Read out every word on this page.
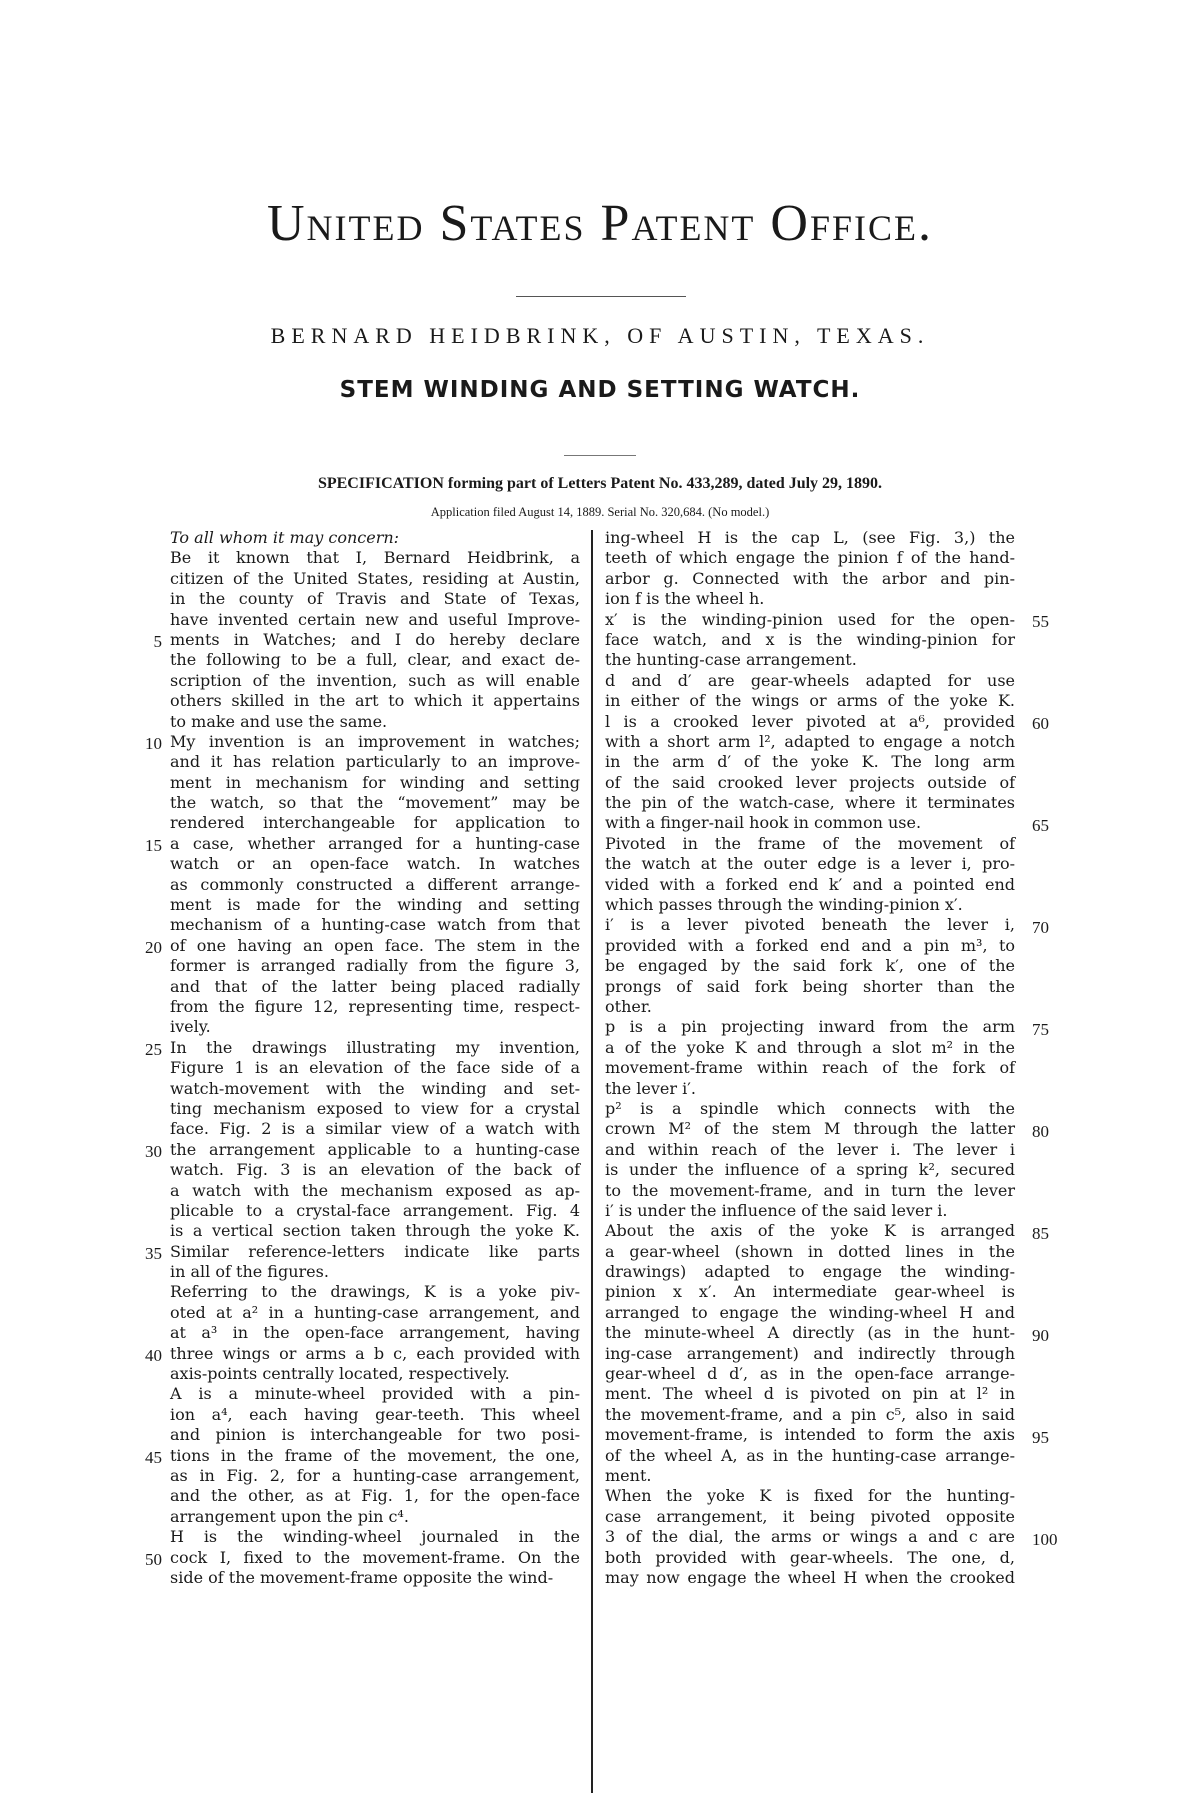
United States Patent Office.
BERNARD HEIDBRINK, OF AUSTIN, TEXAS.
STEM WINDING AND SETTING WATCH.
SPECIFICATION forming part of Letters Patent No. 433,289, dated July 29, 1890.
Application filed August 14, 1889. Serial No. 320,684. (No model.)
To all whom it may concern:
Be it known that I, Bernard Heidbrink, a
citizen of the United States, residing at Austin,
in the county of Travis and State of Texas,
have invented certain new and useful Improve-
ments in Watches; and I do hereby declare
the following to be a full, clear, and exact de-
scription of the invention, such as will enable
others skilled in the art to which it appertains
to make and use the same.
My invention is an improvement in watches;
and it has relation particularly to an improve-
ment in mechanism for winding and setting
the watch, so that the “movement” may be
rendered interchangeable for application to
a case, whether arranged for a hunting-case
watch or an open-face watch. In watches
as commonly constructed a different arrange-
ment is made for the winding and setting
mechanism of a hunting-case watch from that
of one having an open face. The stem in the
former is arranged radially from the figure 3,
and that of the latter being placed radially
from the figure 12, representing time, respect-
ively.
In the drawings illustrating my invention,
Figure 1 is an elevation of the face side of a
watch-movement with the winding and set-
ting mechanism exposed to view for a crystal
face. Fig. 2 is a similar view of a watch with
the arrangement applicable to a hunting-case
watch. Fig. 3 is an elevation of the back of
a watch with the mechanism exposed as ap-
plicable to a crystal-face arrangement. Fig. 4
is a vertical section taken through the yoke K.
Similar reference-letters indicate like parts
in all of the figures.
Referring to the drawings, K is a yoke piv-
oted at a² in a hunting-case arrangement, and
at a³ in the open-face arrangement, having
three wings or arms a b c, each provided with
axis-points centrally located, respectively.
A is a minute-wheel provided with a pin-
ion a⁴, each having gear-teeth. This wheel
and pinion is interchangeable for two posi-
tions in the frame of the movement, the one,
as in Fig. 2, for a hunting-case arrangement,
and the other, as at Fig. 1, for the open-face
arrangement upon the pin c⁴.
H is the winding-wheel journaled in the
cock I, fixed to the movement-frame. On the
side of the movement-frame opposite the wind-
ing-wheel H is the cap L, (see Fig. 3,) the
teeth of which engage the pinion f of the hand-
arbor g. Connected with the arbor and pin-
ion f is the wheel h.
x′ is the winding-pinion used for the open-
face watch, and x is the winding-pinion for
the hunting-case arrangement.
d and d′ are gear-wheels adapted for use
in either of the wings or arms of the yoke K.
l is a crooked lever pivoted at a⁶, provided
with a short arm l², adapted to engage a notch
in the arm d′ of the yoke K. The long arm
of the said crooked lever projects outside of
the pin of the watch-case, where it terminates
with a finger-nail hook in common use.
Pivoted in the frame of the movement of
the watch at the outer edge is a lever i, pro-
vided with a forked end k′ and a pointed end
which passes through the winding-pinion x′.
i′ is a lever pivoted beneath the lever i,
provided with a forked end and a pin m³, to
be engaged by the said fork k′, one of the
prongs of said fork being shorter than the
other.
p is a pin projecting inward from the arm
a of the yoke K and through a slot m² in the
movement-frame within reach of the fork of
the lever i′.
p² is a spindle which connects with the
crown M² of the stem M through the latter
and within reach of the lever i. The lever i
is under the influence of a spring k², secured
to the movement-frame, and in turn the lever
i′ is under the influence of the said lever i.
About the axis of the yoke K is arranged
a gear-wheel (shown in dotted lines in the
drawings) adapted to engage the winding-
pinion x x′. An intermediate gear-wheel is
arranged to engage the winding-wheel H and
the minute-wheel A directly (as in the hunt-
ing-case arrangement) and indirectly through
gear-wheel d d′, as in the open-face arrange-
ment. The wheel d is pivoted on pin at l² in
the movement-frame, and a pin c⁵, also in said
movement-frame, is intended to form the axis
of the wheel A, as in the hunting-case arrange-
ment.
When the yoke K is fixed for the hunting-
case arrangement, it being pivoted opposite
3 of the dial, the arms or wings a and c are
both provided with gear-wheels. The one, d,
may now engage the wheel H when the crooked
5
10
15
20
25
30
35
40
45
50
55
60
65
70
75
80
85
90
95
100
